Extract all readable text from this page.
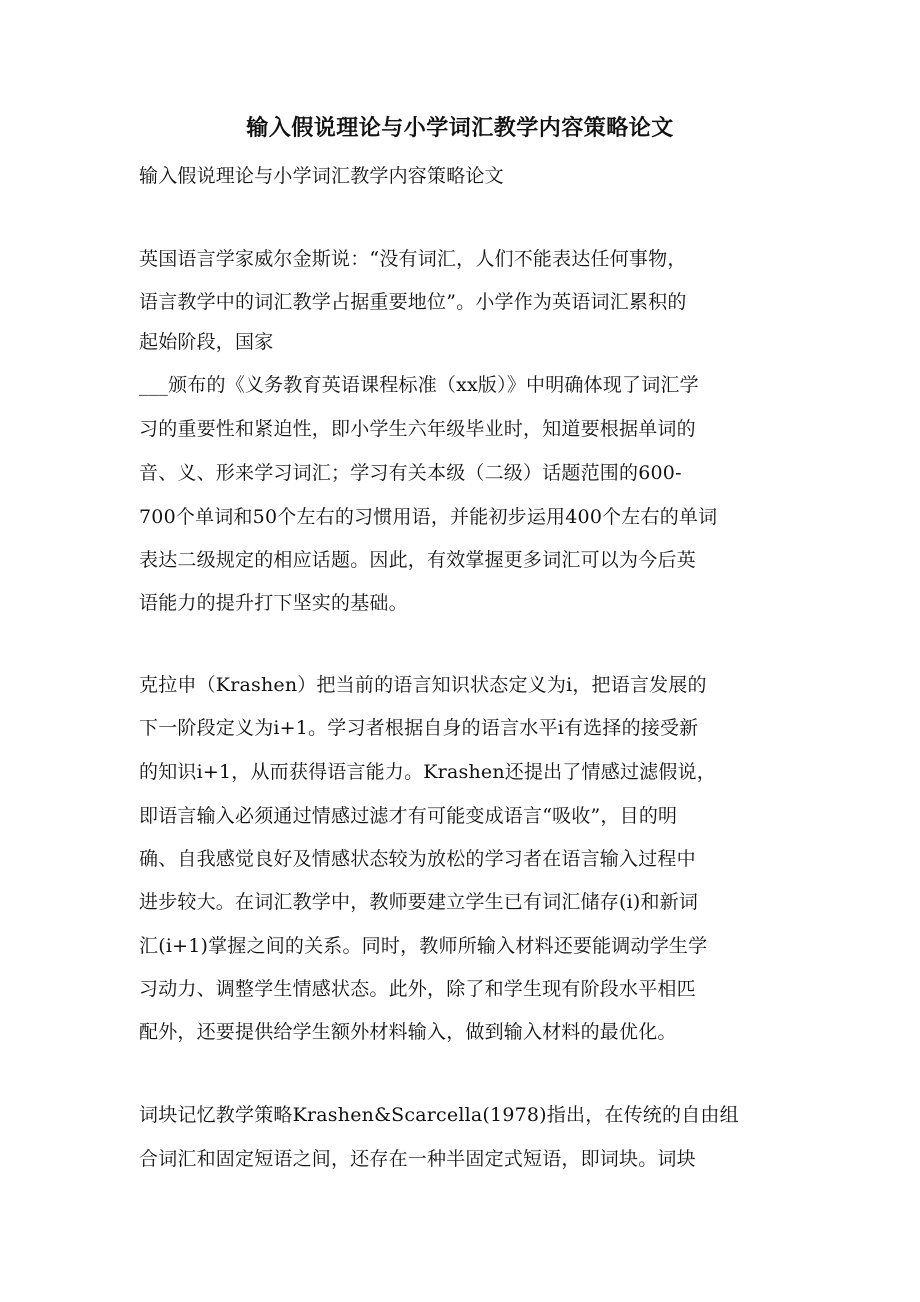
输入假说理论与小学词汇教学内容策略论文

输入假说理论与小学词汇教学内容策略论文

英国语言学家威尔金斯说：“没有词汇，人们不能表达任何事物，

语言教学中的词汇教学占据重要地位”。小学作为英语词汇累积的

起始阶段，国家

___颁布的《义务教育英语课程标准（xx版）》中明确体现了词汇学

习的重要性和紧迫性，即小学生六年级毕业时，知道要根据单词的

音、义、形来学习词汇；学习有关本级（二级）话题范围的600-

700个单词和50个左右的习惯用语，并能初步运用400个左右的单词

表达二级规定的相应话题。因此，有效掌握更多词汇可以为今后英

语能力的提升打下坚实的基础。

克拉申（Krashen）把当前的语言知识状态定义为i，把语言发展的

下一阶段定义为i+1。学习者根据自身的语言水平i有选择的接受新

的知识i+1，从而获得语言能力。Krashen还提出了情感过滤假说，

即语言输入必须通过情感过滤才有可能变成语言“吸收”，目的明

确、自我感觉良好及情感状态较为放松的学习者在语言输入过程中

进步较大。在词汇教学中，教师要建立学生已有词汇储存(i)和新词

汇(i+1)掌握之间的关系。同时，教师所输入材料还要能调动学生学

习动力、调整学生情感状态。此外，除了和学生现有阶段水平相匹

配外，还要提供给学生额外材料输入，做到输入材料的最优化。

词块记忆教学策略Krashen&Scarcella(1978)指出，在传统的自由组

合词汇和固定短语之间，还存在一种半固定式短语，即词块。词块
